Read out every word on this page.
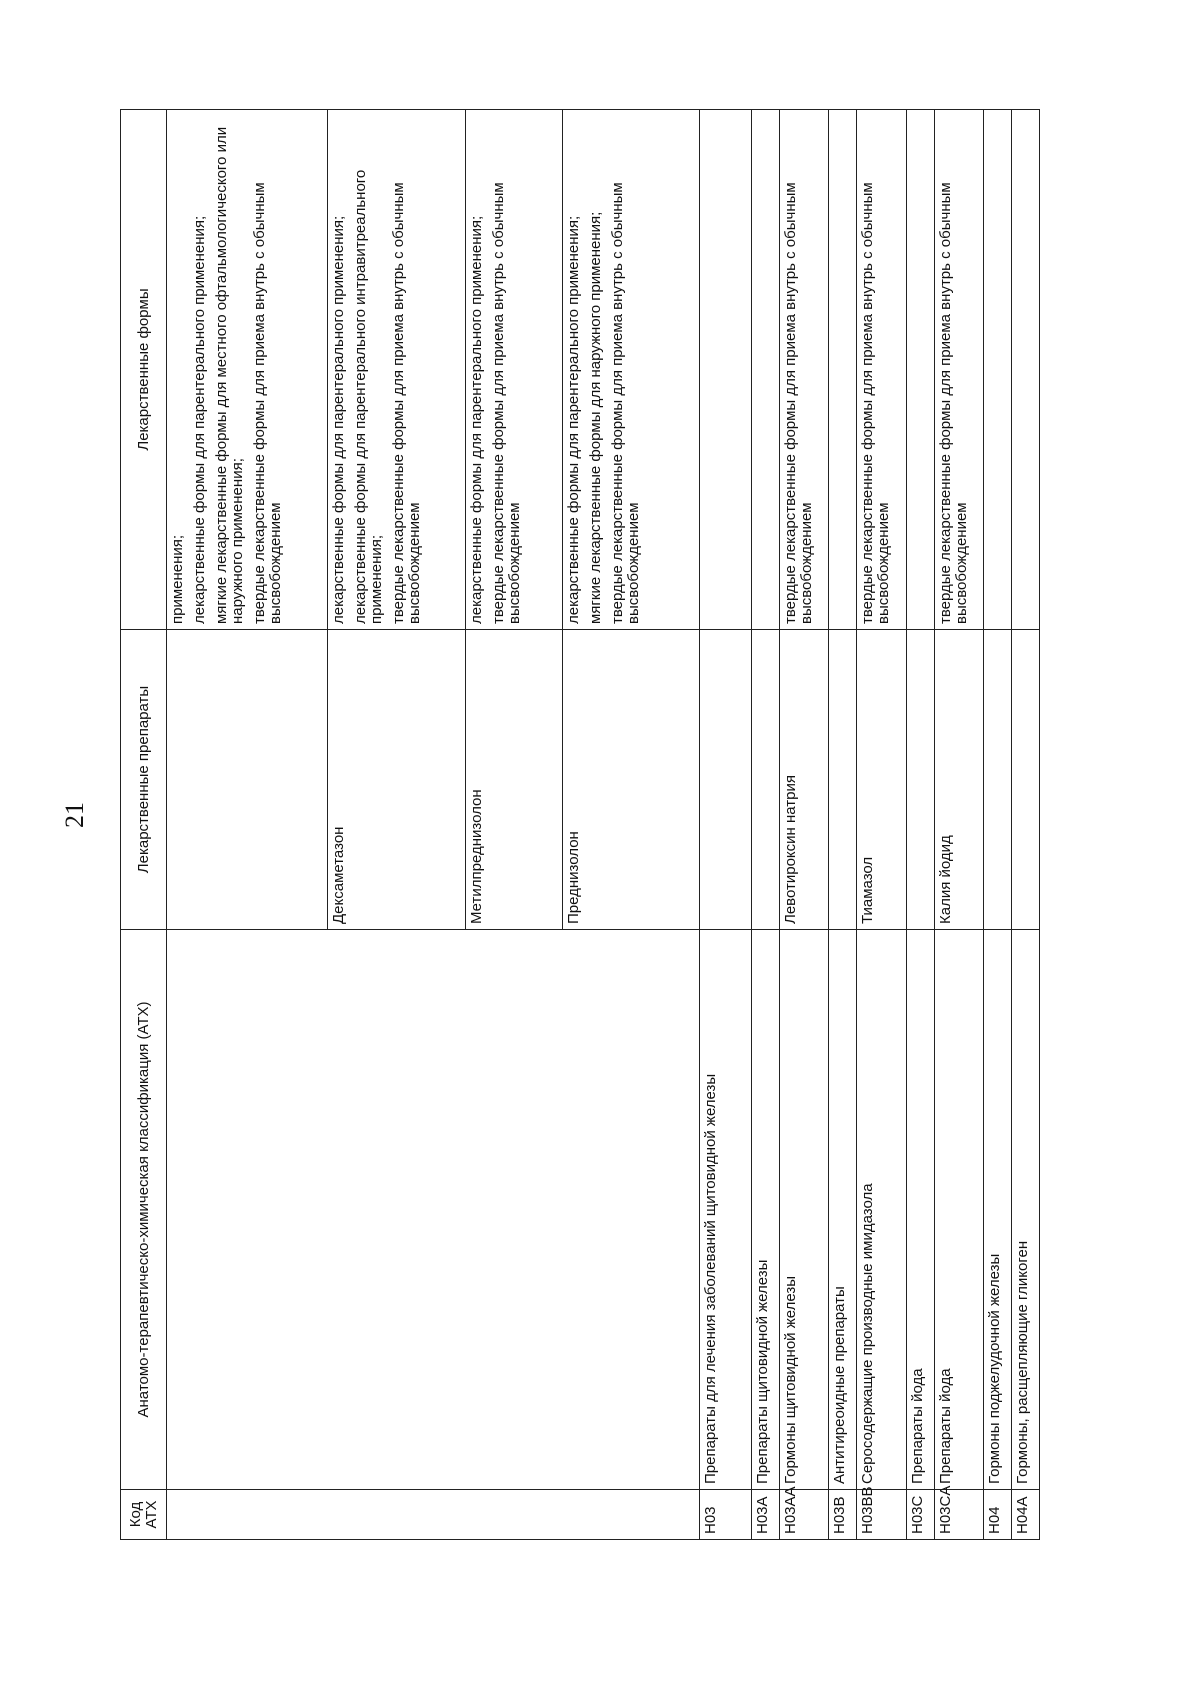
21
Код АТХ	Анатомо-терапевтическо-химическая классификация (АТХ)	Лекарственные препараты	Лекарственные формы

			применения; лекарственные формы для парентерального применения; мягкие лекарственные формы для местного офтальмологического или наружного применения; твердые лекарственные формы для приема внутрь с обычным высвобождением

		Дексаметазон	лекарственные формы для парентерального применения; лекарственные формы для парентерального интравитреального применения; твердые лекарственные формы для приема внутрь с обычным высвобождением

		Метилпреднизолон	лекарственные формы для парентерального применения; твердые лекарственные формы для приема внутрь с обычным высвобождением

		Преднизолон	лекарственные формы для парентерального применения; мягкие лекарственные формы для наружного применения; твердые лекарственные формы для приема внутрь с обычным высвобождением

H03	Препараты для лечения заболеваний щитовидной железы		
H03A	Препараты щитовидной железы		
H03AA	Гормоны щитовидной железы	Левотироксин натрия	твердые лекарственные формы для приема внутрь с обычным высвобождением

H03B	Антитиреоидные препараты		
H03BB	Серосодержащие производные имидазола	Тиамазол	твердые лекарственные формы для приема внутрь с обычным высвобождением

H03C	Препараты йода		
H03CA	Препараты йода	Калия йодид	твердые лекарственные формы для приема внутрь с обычным высвобождением

H04	Гормоны поджелудочной железы		
H04A	Гормоны, расщепляющие гликоген		
